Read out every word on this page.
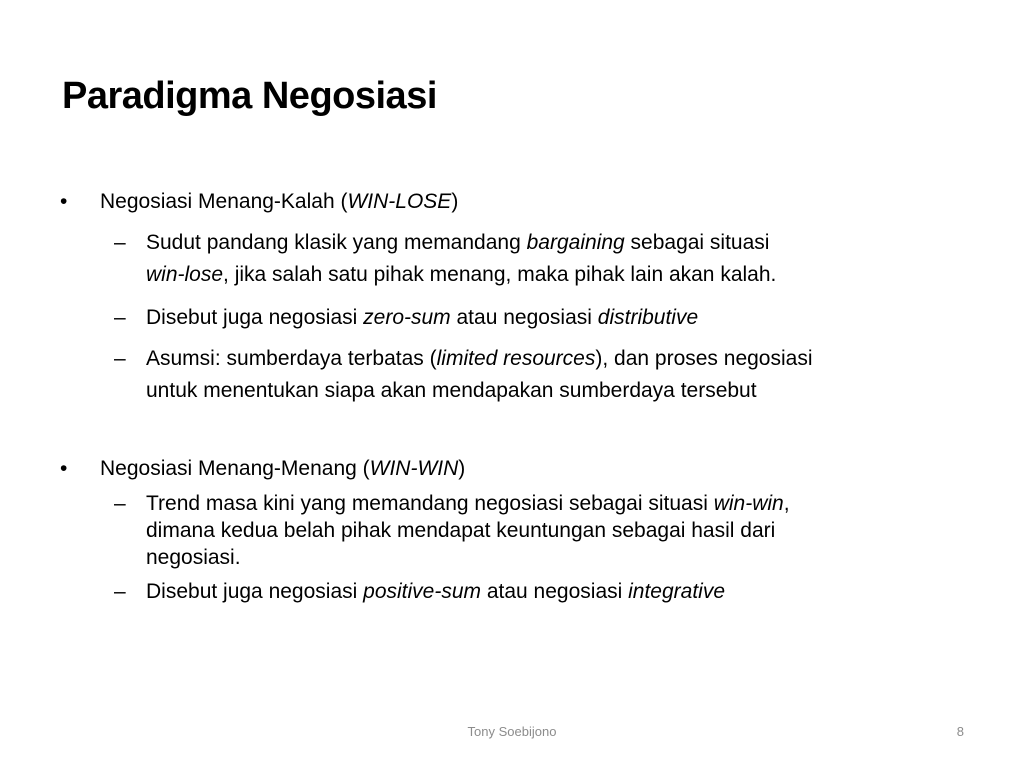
Paradigma Negosiasi
• Negosiasi Menang-Kalah (WIN-LOSE)
– Sudut pandang klasik yang memandang bargaining sebagai situasi
win-lose, jika salah satu pihak menang, maka pihak lain akan kalah.
– Disebut juga negosiasi zero-sum atau negosiasi distributive
– Asumsi: sumberdaya terbatas (limited resources), dan proses negosiasi
untuk menentukan siapa akan mendapakan sumberdaya tersebut
• Negosiasi Menang-Menang (WIN-WIN)
– Trend masa kini yang memandang negosiasi sebagai situasi win-win,
dimana kedua belah pihak mendapat keuntungan sebagai hasil dari
negosiasi.
– Disebut juga negosiasi positive-sum atau negosiasi integrative
Tony Soebijono	8
